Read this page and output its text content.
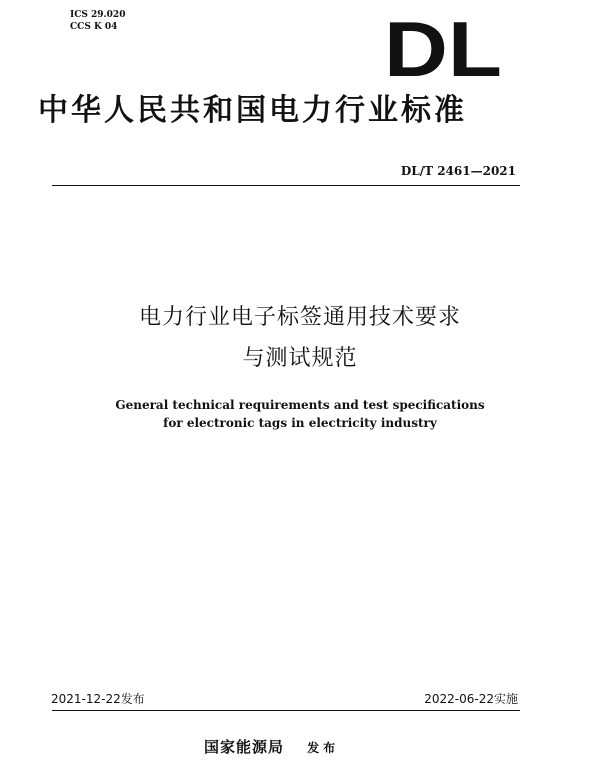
ICS 29.020
CCS K 04	DL
中华人民共和国电力行业标准
DL/T 2461—2021
电力行业电子标签通用技术要求
与测试规范
General technical requirements and test specifications
for electronic tags in electricity industry
2021-12-22发布	2022-06-22实施
国家能源局 发布
